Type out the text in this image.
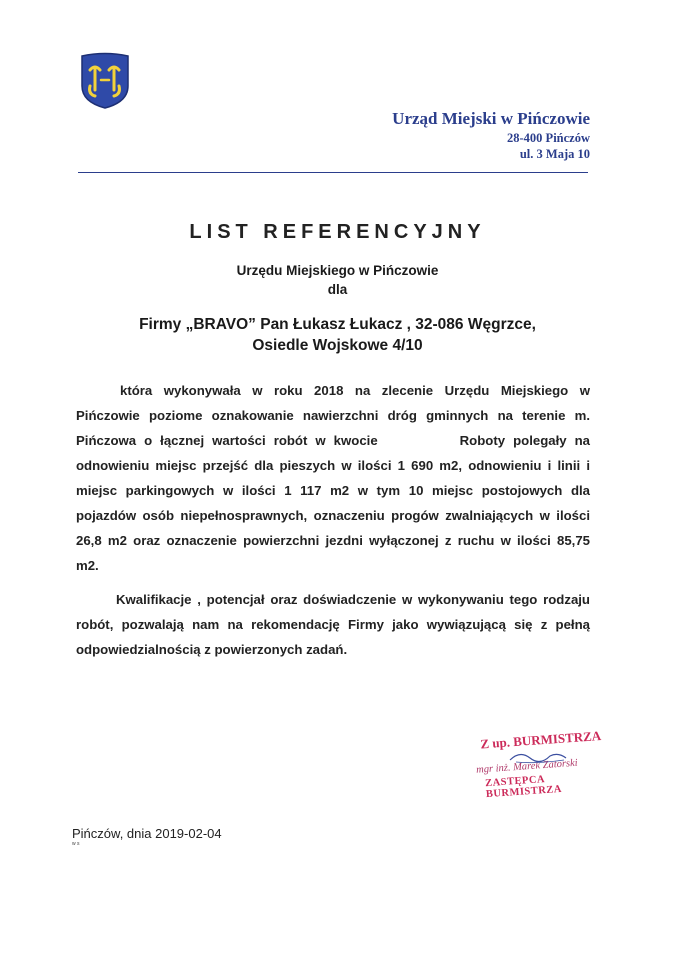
Urząd Miejski w Pińczowie
28-400 Pińczów
ul. 3 Maja 10
LIST REFERENCYJNY
Urzędu Miejskiego w Pińczowie
dla
Firmy „BRAVO” Pan Łukasz Łukacz , 32-086 Węgrzce,
Osiedle Wojskowe 4/10
która wykonywała w roku 2018 na zlecenie Urzędu Miejskiego w
Pińczowie poziome oznakowanie nawierzchni dróg gminnych na terenie m.
Pińczowa o łącznej wartości robót w kwocie	Roboty polegały na
odnowieniu miejsc przejść dla pieszych w ilości 1 690 m2, odnowieniu i linii i
miejsc parkingowych w ilości 1 117 m2 w tym 10 miejsc postojowych dla
pojazdów osób niepełnosprawnych, oznaczeniu progów zwalniających w ilości
26,8 m2 oraz oznaczenie powierzchni jezdni wyłączonej z ruchu w ilości 85,75
m2.
Kwalifikacje , potencjał oraz doświadczenie w wykonywaniu tego rodzaju
robót, pozwalają nam na rekomendację Firmy jako wywiązującą się z pełną
odpowiedzialnością z powierzonych zadań.
Z up. BURMISTRZA
mgr inż. Marek Zatorski
ZASTĘPCA BURMISTRZA
Pińczów, dnia 2019-02-04
w s
